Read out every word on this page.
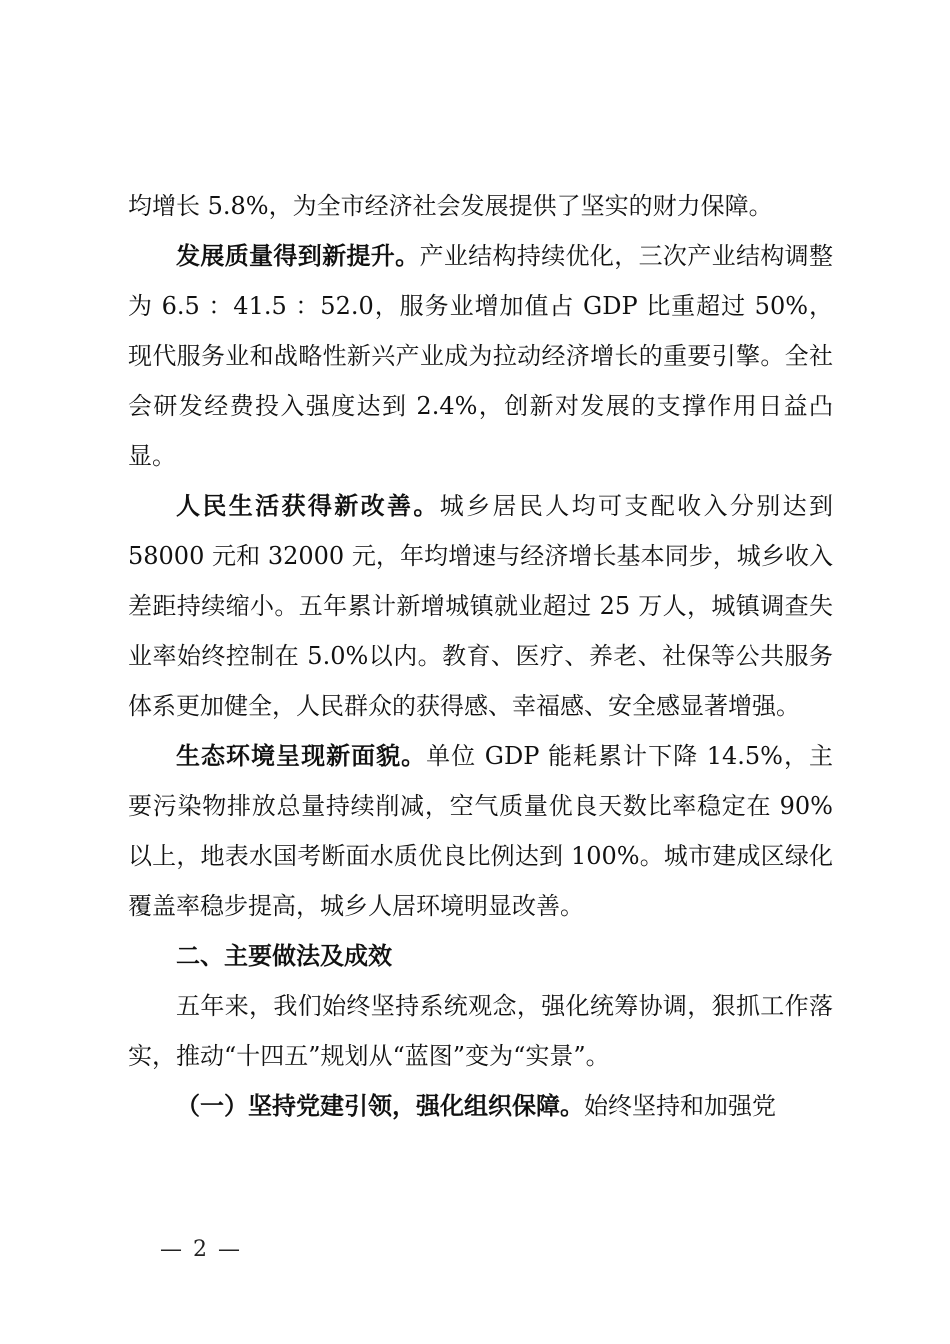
均增长 5.8%，为全市经济社会发展提供了坚实的财力保障。

发展质量得到新提升。产业结构持续优化，三次产业结构调整为 6.5 ：41.5 ：52.0，服务业增加值占 GDP 比重超过 50%，现代服务业和战略性新兴产业成为拉动经济增长的重要引擎。全社会研发经费投入强度达到 2.4%，创新对发展的支撑作用日益凸显。

人民生活获得新改善。城乡居民人均可支配收入分别达到 58000 元和 32000 元，年均增速与经济增长基本同步，城乡收入差距持续缩小。五年累计新增城镇就业超过 25 万人，城镇调查失业率始终控制在 5.0%以内。教育、医疗、养老、社保等公共服务体系更加健全，人民群众的获得感、幸福感、安全感显著增强。

生态环境呈现新面貌。单位 GDP 能耗累计下降 14.5%，主要污染物排放总量持续削减，空气质量优良天数比率稳定在 90%以上，地表水国考断面水质优良比例达到 100%。城市建成区绿化覆盖率稳步提高，城乡人居环境明显改善。

二、主要做法及成效

五年来，我们始终坚持系统观念，强化统筹协调，狠抓工作落实，推动“十四五”规划从“蓝图”变为“实景”。

（一）坚持党建引领，强化组织保障。始终坚持和加强党

— 2 —
